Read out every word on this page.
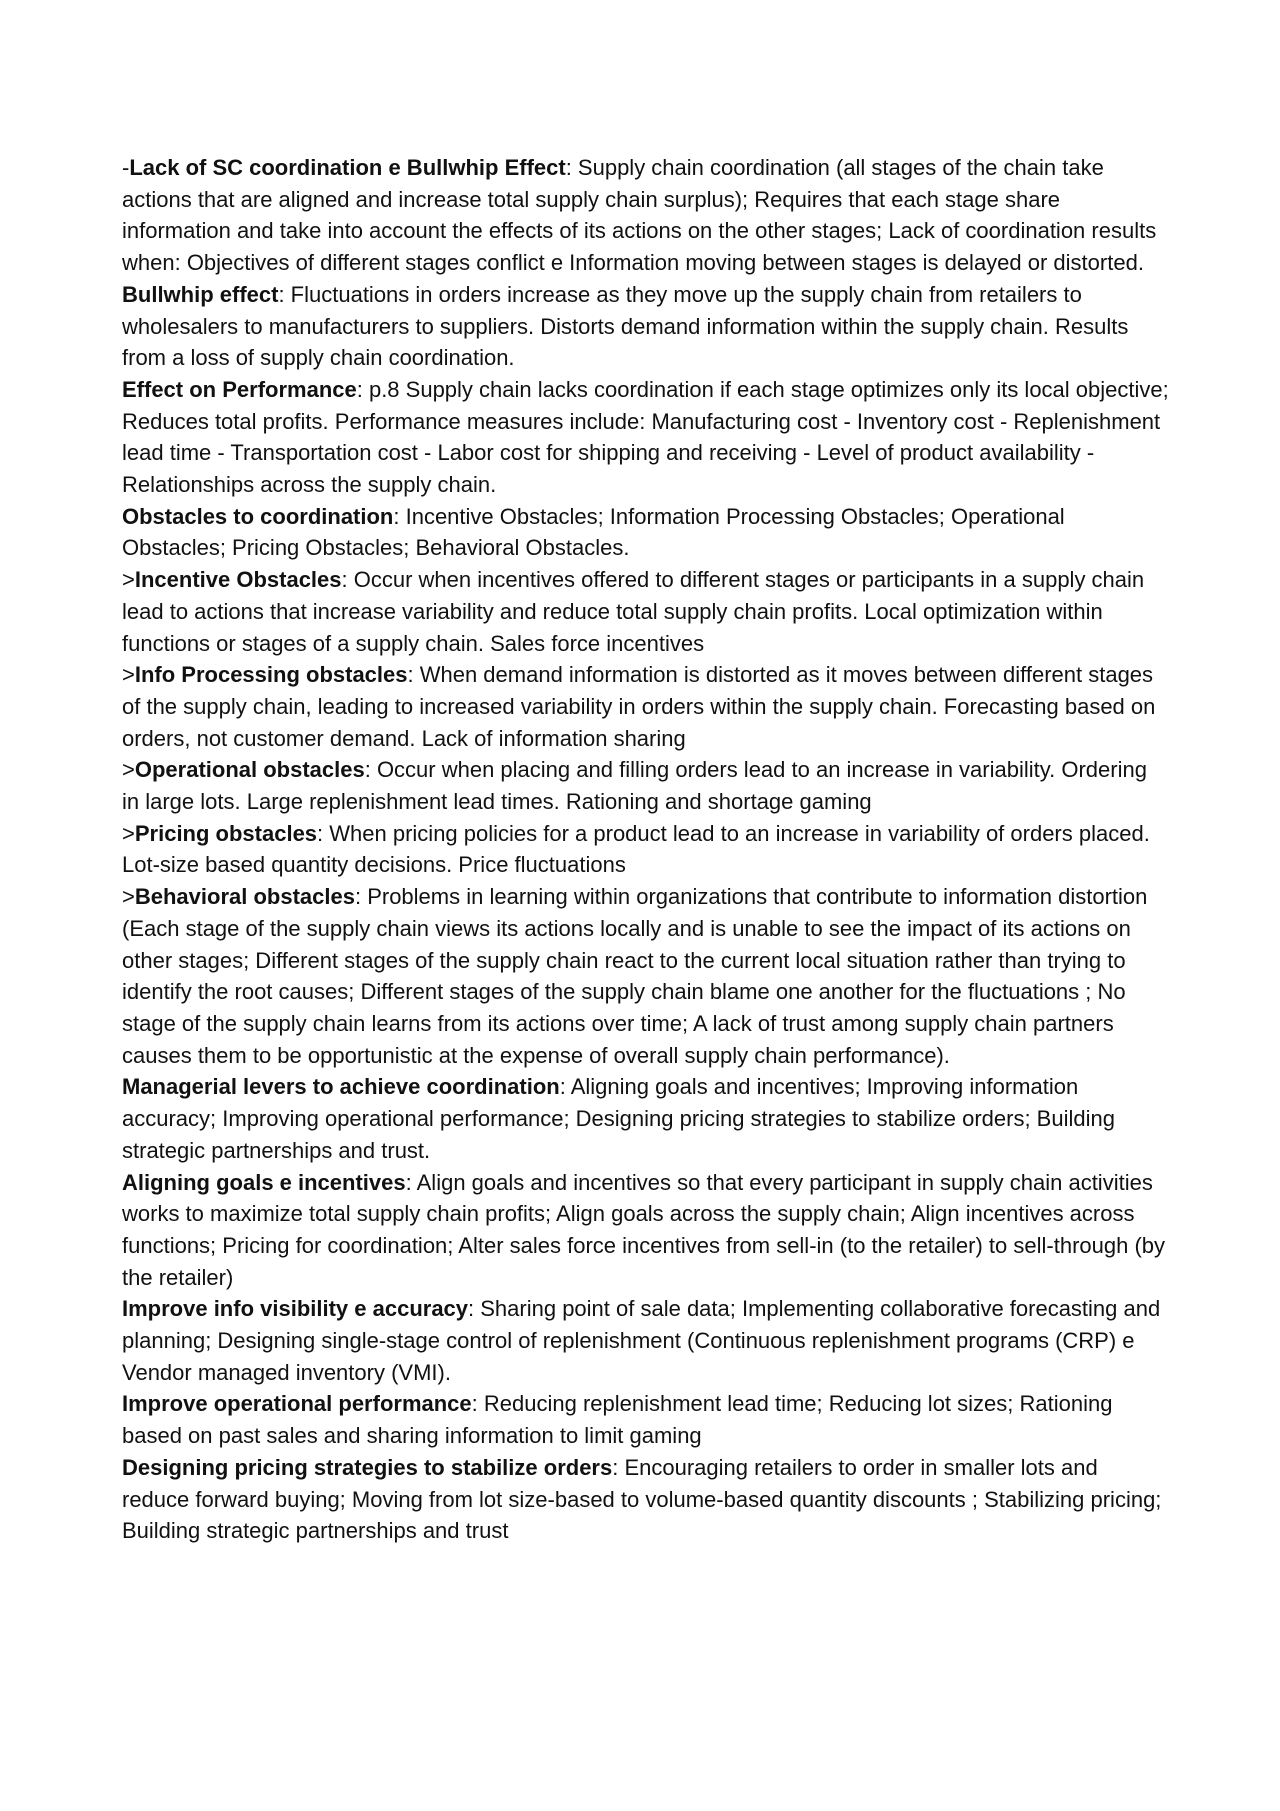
-Lack of SC coordination e Bullwhip Effect: Supply chain coordination (all stages of the chain take actions that are aligned and increase total supply chain surplus); Requires that each stage share information and take into account the effects of its actions on the other stages; Lack of coordination results when: Objectives of different stages conflict e Information moving between stages is delayed or distorted.

Bullwhip effect: Fluctuations in orders increase as they move up the supply chain from retailers to wholesalers to manufacturers to suppliers. Distorts demand information within the supply chain. Results from a loss of supply chain coordination.

Effect on Performance: p.8 Supply chain lacks coordination if each stage optimizes only its local objective; Reduces total profits. Performance measures include: Manufacturing cost - Inventory cost - Replenishment lead time - Transportation cost - Labor cost for shipping and receiving - Level of product availability - Relationships across the supply chain.

Obstacles to coordination: Incentive Obstacles; Information Processing Obstacles; Operational Obstacles; Pricing Obstacles; Behavioral Obstacles.

>Incentive Obstacles: Occur when incentives offered to different stages or participants in a supply chain lead to actions that increase variability and reduce total supply chain profits. Local optimization within functions or stages of a supply chain. Sales force incentives

>Info Processing obstacles: When demand information is distorted as it moves between different stages of the supply chain, leading to increased variability in orders within the supply chain. Forecasting based on orders, not customer demand. Lack of information sharing

>Operational obstacles: Occur when placing and filling orders lead to an increase in variability. Ordering in large lots. Large replenishment lead times. Rationing and shortage gaming

>Pricing obstacles: When pricing policies for a product lead to an increase in variability of orders placed. Lot-size based quantity decisions. Price fluctuations

>Behavioral obstacles: Problems in learning within organizations that contribute to information distortion (Each stage of the supply chain views its actions locally and is unable to see the impact of its actions on other stages; Different stages of the supply chain react to the current local situation rather than trying to identify the root causes; Different stages of the supply chain blame one another for the fluctuations ; No stage of the supply chain learns from its actions over time; A lack of trust among supply chain partners causes them to be opportunistic at the expense of overall supply chain performance).

Managerial levers to achieve coordination: Aligning goals and incentives; Improving information accuracy; Improving operational performance; Designing pricing strategies to stabilize orders; Building strategic partnerships and trust.

Aligning goals e incentives: Align goals and incentives so that every participant in supply chain activities works to maximize total supply chain profits; Align goals across the supply chain; Align incentives across functions; Pricing for coordination; Alter sales force incentives from sell-in (to the retailer) to sell-through (by the retailer)

Improve info visibility e accuracy: Sharing point of sale data; Implementing collaborative forecasting and planning; Designing single-stage control of replenishment (Continuous replenishment programs (CRP) e Vendor managed inventory (VMI).

Improve operational performance: Reducing replenishment lead time; Reducing lot sizes; Rationing based on past sales and sharing information to limit gaming

Designing pricing strategies to stabilize orders: Encouraging retailers to order in smaller lots and reduce forward buying; Moving from lot size-based to volume-based quantity discounts ; Stabilizing pricing; Building strategic partnerships and trust
